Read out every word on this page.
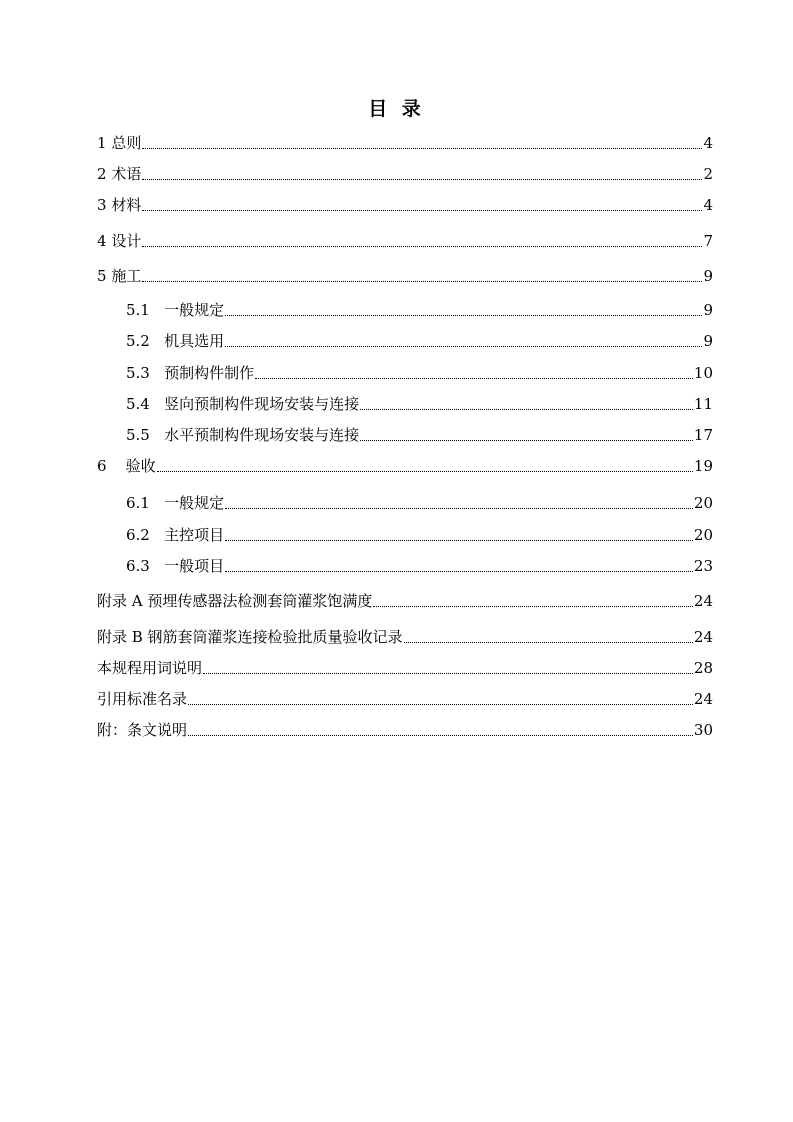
目 录
1 总则	4
2 术语	2
3 材料	4
4 设计	7
5 施工	9
5.1 一般规定	9
5.2 机具选用	9
5.3 预制构件制作	10
5.4 竖向预制构件现场安装与连接	11
5.5 水平预制构件现场安装与连接	17
6 验收	19
6.1 一般规定	20
6.2 主控项目	20
6.3 一般项目	23
附录 A 预埋传感器法检测套筒灌浆饱满度	24
附录 B 钢筋套筒灌浆连接检验批质量验收记录	24
本规程用词说明	28
引用标准名录	24
附：条文说明	30
